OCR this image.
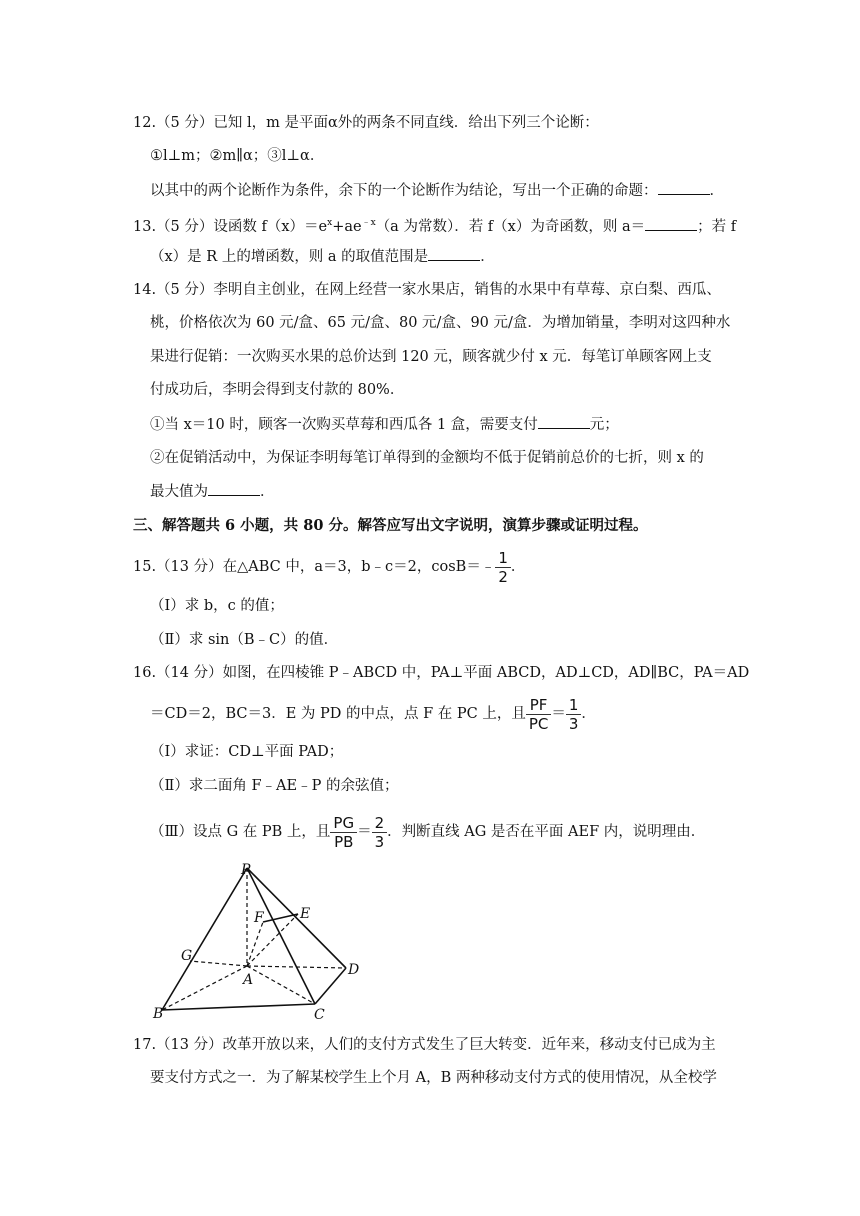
12.（5 分）已知 l，m 是平面α外的两条不同直线．给出下列三个论断：
①l⊥m；②m∥α；③l⊥α．
以其中的两个论断作为条件，余下的一个论断作为结论，写出一个正确的命题：	．
13.（5 分）设函数 $f(x)=e^x+ae^{﹣x}(a$ 为常数）．若 f（x）为奇函数，则 a＝	；若 f
（x）是 R 上的增函数，则 a 的取值范围是	．
14.（5 分）李明自主创业，在网上经营一家水果店，销售的水果中有草莓、京白梨、西瓜、
桃，价格依次为 60 元/盒、65 元/盒、80 元/盒、90 元/盒．为增加销量，李明对这四种水
果进行促销：一次购买水果的总价达到 120 元，顾客就少付 x 元．每笔订单顾客网上支
付成功后，李明会得到支付款的 80%．
①当 x＝10 时，顾客一次购买草莓和西瓜各 1 盒，需要支付	元；
②在促销活动中，为保证李明每笔订单得到的金额均不低于促销前总价的七折，则 x 的
最大值为	．
三、解答题共 6 小题，共 80 分。解答应写出文字说明，演算步骤或证明过程。
15.（13 分）在△ABC 中，a＝3，b﹣c＝2，cosB＝﹣ $\frac{1}{2}$ ．
（Ⅰ）求 b，c 的值；
（Ⅱ）求 sin（B﹣C）的值．
16.（14 分）如图，在四棱锥 P﹣ABCD 中，PA⊥平面 ABCD，AD⊥CD，AD∥BC，PA＝AD
＝CD＝2，BC＝3．E 为 PD 的中点，点 F 在 PC 上，且 $\frac{PF}{PC} = \frac{1}{3}$ ．
（Ⅰ）求证：CD⊥平面 PAD；
（Ⅱ）求二面角 F﹣AE﹣P 的余弦值；
（Ⅲ）设点 G 在 PB 上，且 $\frac{PG}{PB} = \frac{2}{3}$ ．判断直线 AG 是否在平面 AEF 内，说明理由．
P
F	E
G
A
D
B	C
17.（13 分）改革开放以来，人们的支付方式发生了巨大转变．近年来，移动支付已成为主
要支付方式之一．为了解某校学生上个月 A，B 两种移动支付方式的使用情况，从全校学
